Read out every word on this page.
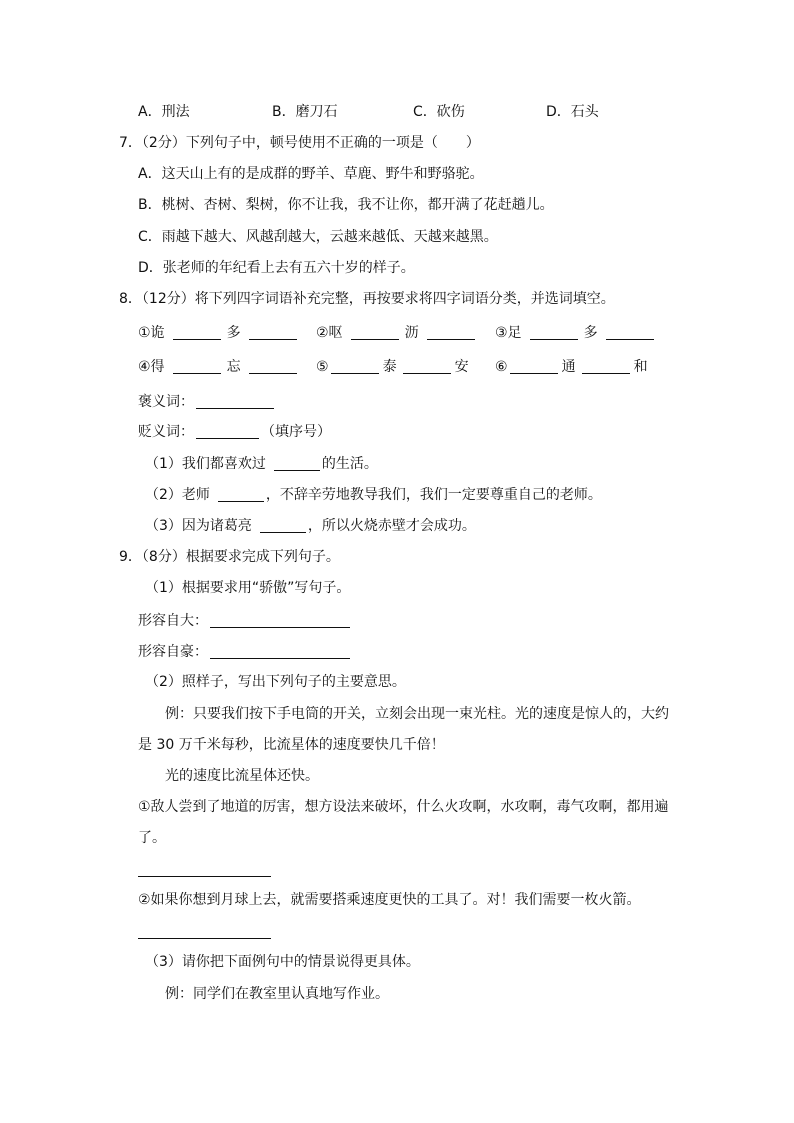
A．刑法	B．磨刀石	C．砍伤	D．石头
7．（2分）下列句子中，顿号使用不正确的一项是（　　）
A．这天山上有的是成群的野羊、草鹿、野牛和野骆驼。
B．桃树、杏树、梨树，你不让我，我不让你，都开满了花赶趟儿。
C．雨越下越大、风越刮越大，云越来越低、天越来越黑。
D．张老师的年纪看上去有五六十岁的样子。
8．（12分）将下列四字词语补充完整，再按要求将四字词语分类，并选词填空。
①诡	多	②呕	沥	③足	多
④得	忘	⑤	泰	安 ⑥	通	和
褒义词：
贬义词：	（填序号）
（1）我们都喜欢过	的生活。
（2）老师	，不辞辛劳地教导我们，我们一定要尊重自己的老师。
（3）因为诸葛亮	，所以火烧赤壁才会成功。
9．（8分）根据要求完成下列句子。
（1）根据要求用“骄傲”写句子。
形容自大：
形容自豪：
（2）照样子，写出下列句子的主要意思。
例：只要我们按下手电筒的开关，立刻会出现一束光柱。光的速度是惊人的，大约
是 30 万千米每秒，比流星体的速度要快几千倍！
光的速度比流星体还快。
①敌人尝到了地道的厉害，想方设法来破坏，什么火攻啊，水攻啊，毒气攻啊，都用遍
了。
②如果你想到月球上去，就需要搭乘速度更快的工具了。对！我们需要一枚火箭。
（3）请你把下面例句中的情景说得更具体。
例：同学们在教室里认真地写作业。
